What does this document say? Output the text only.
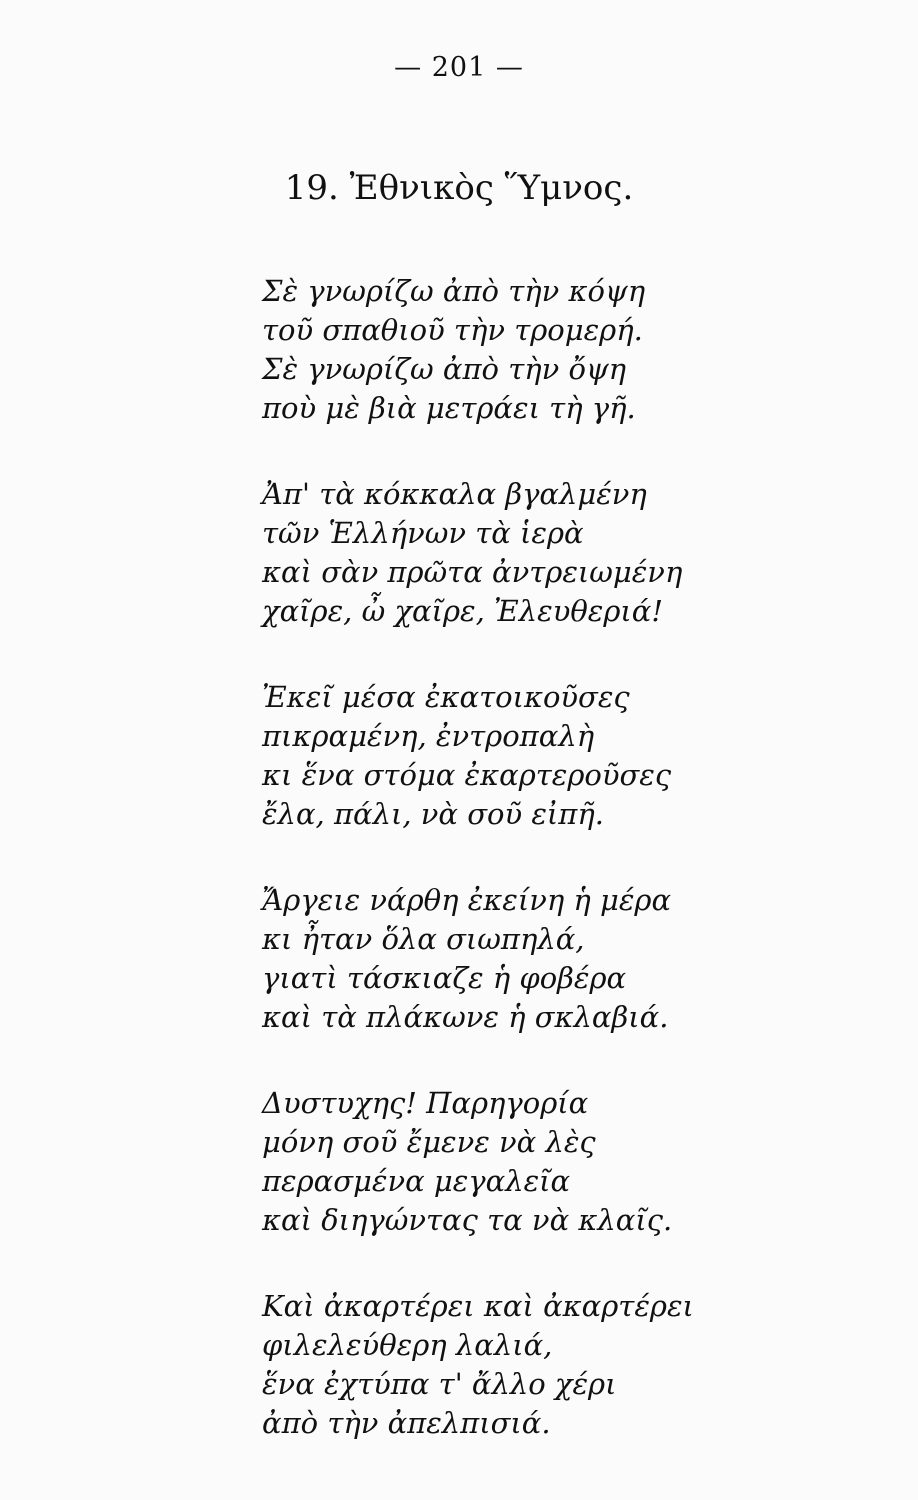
— 201 —
19. Ἐθνικὸς Ὕμνος.
Σὲ γνωρίζω ἀπὸ τὴν κόψη
τοῦ σπαθιοῦ τὴν τρομερή.
Σὲ γνωρίζω ἀπὸ τὴν ὄψη
ποὺ μὲ βιὰ μετράει τὴ γῆ.
Ἀπ' τὰ κόκκαλα βγαλμένη
τῶν Ἑλλήνων τὰ ἱερὰ
καὶ σὰν πρῶτα ἀντρειωμένη
χαῖρε, ὦ χαῖρε, Ἐλευθεριά!
Ἐκεῖ μέσα ἐκατοικοῦσες
πικραμένη, ἐντροπαλὴ
κι ἕνα στόμα ἐκαρτεροῦσες
ἔλα, πάλι, νὰ σοῦ εἰπῆ.
Ἄργειε νάρθη ἐκείνη ἡ μέρα
κι ἦταν ὅλα σιωπηλά,
γιατὶ τάσκιαζε ἡ φοβέρα
καὶ τὰ πλάκωνε ἡ σκλαβιά.
Δυστυχης! Παρηγορία
μόνη σοῦ ἔμενε νὰ λὲς
περασμένα μεγαλεῖα
καὶ διηγώντας τα νὰ κλαῖς.
Καὶ ἀκαρτέρει καὶ ἀκαρτέρει
φιλελεύθερη λαλιά,
ἕνα ἐχτύπα τ' ἄλλο χέρι
ἀπὸ τὴν ἀπελπισιά.
